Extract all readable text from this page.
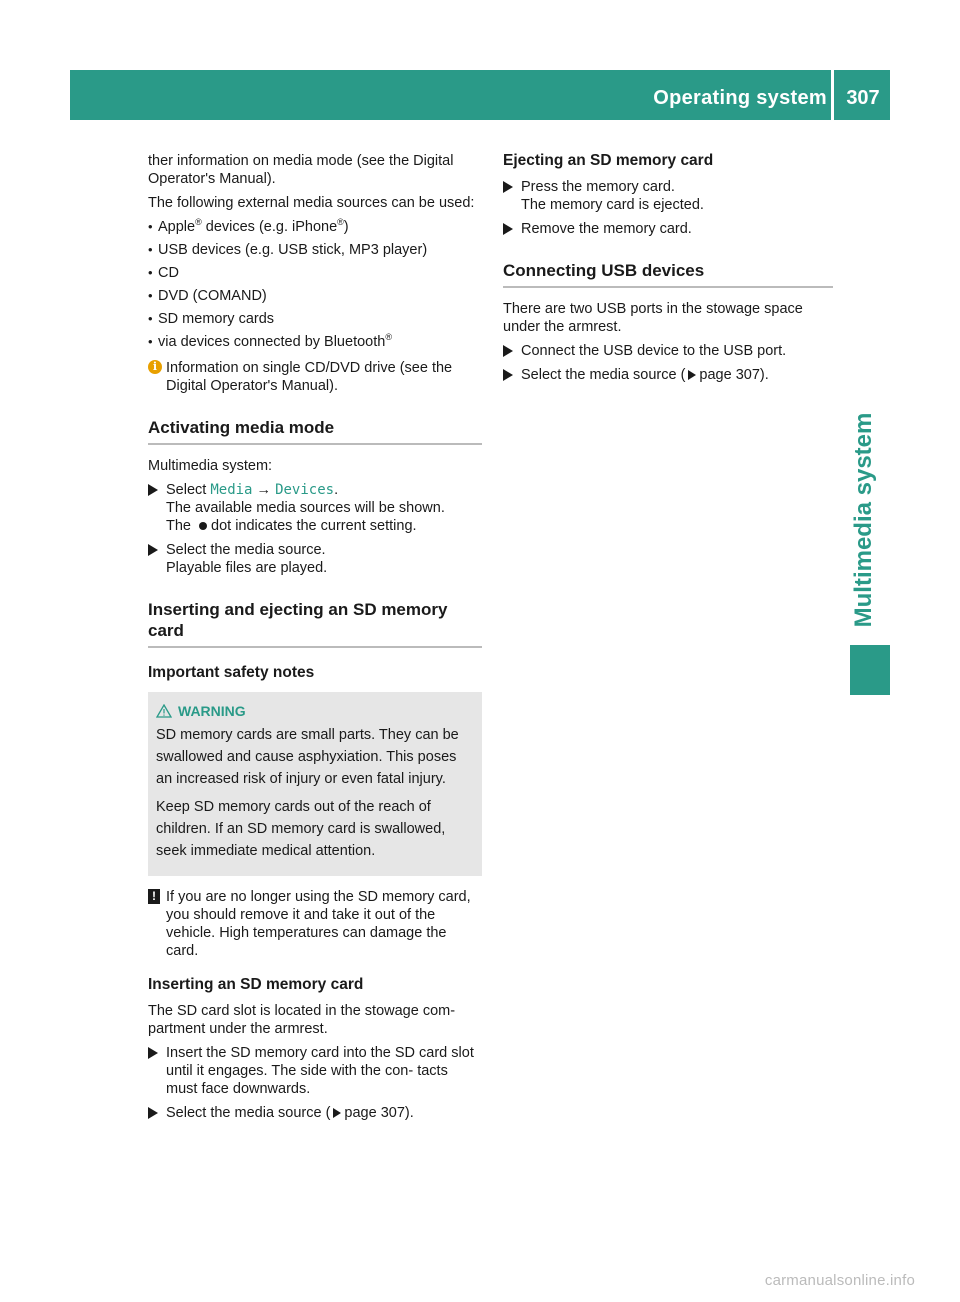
Operating system 307
Multimedia system

ther information on media mode (see the Digital Operator's Manual).

The following external media sources can be used:

• Apple® devices (e.g. iPhone®)
• USB devices (e.g. USB stick, MP3 player)
• CD
• DVD (COMAND)
• SD memory cards
• via devices connected by Bluetooth®
i Information on single CD/DVD drive (see the Digital Operator's Manual).
Activating media mode

Multimedia system:

Select Media → Devices.
The available media sources will be shown.
The dot indicates the current setting.
Select the media source.
Playable files are played.
Inserting and ejecting an SD memory card
Important safety notes
WARNING

SD memory cards are small parts. They can be swallowed and cause asphyxiation. This poses an increased risk of injury or even fatal injury.

Keep SD memory cards out of the reach of children. If an SD memory card is swallowed, seek immediate medical attention.

! If you are no longer using the SD memory card, you should remove it and take it out of the vehicle. High temperatures can damage the card.
Inserting an SD memory card

The SD card slot is located in the stowage com- partment under the armrest.

Insert the SD memory card into the SD card slot until it engages. The side with the con- tacts must face downwards.
Select the media source ( page 307).
Ejecting an SD memory card
Press the memory card.
The memory card is ejected.
Remove the memory card.
Connecting USB devices

There are two USB ports in the stowage space under the armrest.

Connect the USB device to the USB port.
Select the media source ( page 307).
carmanualsonline.info
